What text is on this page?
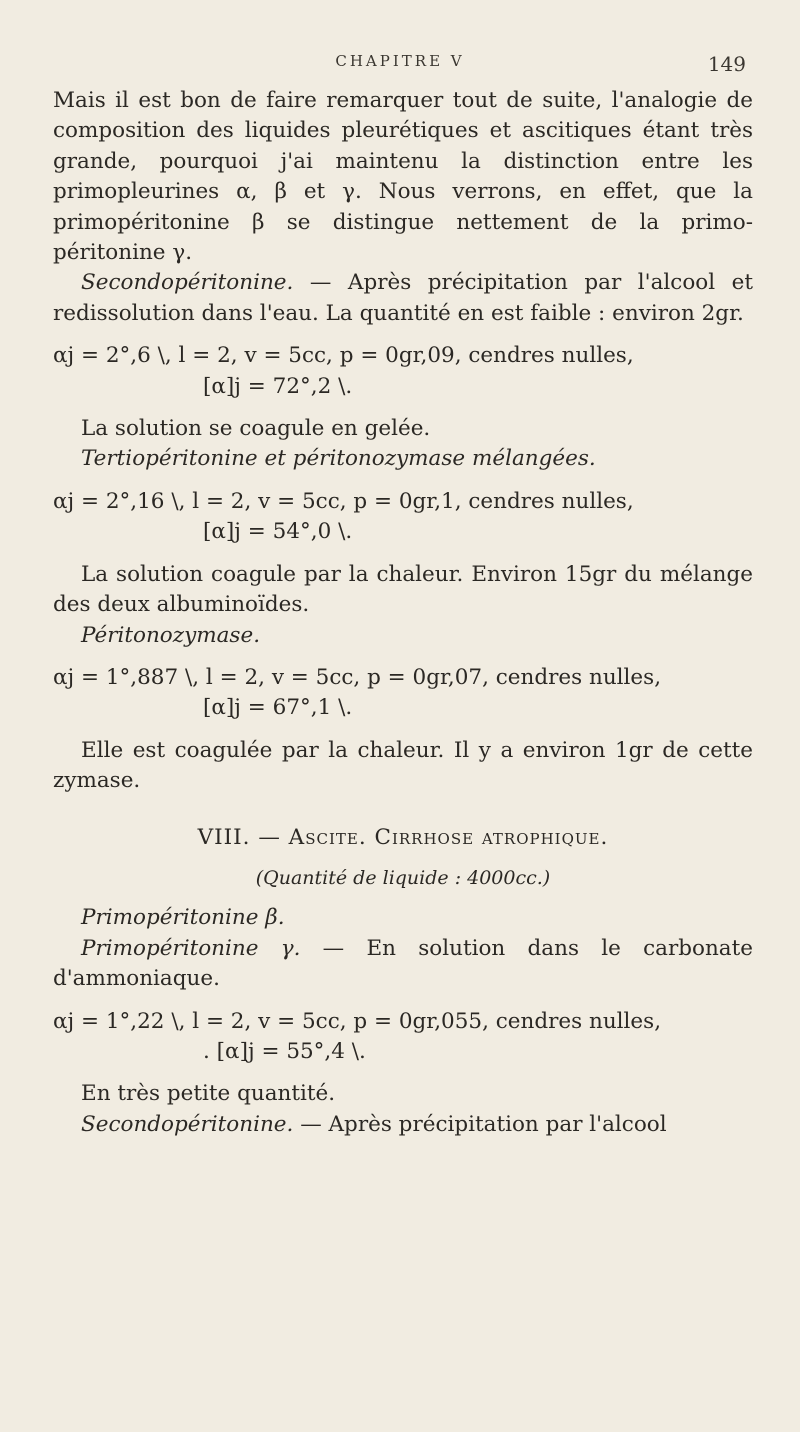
CHAPITRE V	149

Mais il est bon de faire remarquer tout de suite, l'analogie de composition des liquides pleurétiques et ascitiques étant très grande, pourquoi j'ai maintenu la distinction entre les primopleurines α, β et γ. Nous verrons, en effet, que la primopéritonine β se distingue nettement de la primo-péritonine γ.

Secondopéritonine. — Après précipitation par l'alcool et redissolution dans l'eau. La quantité en est faible : environ 2gr.

αj = 2°,6 \, l = 2, v = 5cc, p = 0gr,09, cendres nulles,
[α]j = 72°,2 \.

La solution se coagule en gelée.

Tertiopéritonine et péritonozymase mélangées.

αj = 2°,16 \, l = 2, v = 5cc, p = 0gr,1, cendres nulles,
[α]j = 54°,0 \.

La solution coagule par la chaleur. Environ 15gr du mélange des deux albuminoïdes.

Péritonozymase.

αj = 1°,887 \, l = 2, v = 5cc, p = 0gr,07, cendres nulles,
[α]j = 67°,1 \.

Elle est coagulée par la chaleur. Il y a environ 1gr de cette zymase.

VIII. — Ascite. Cirrhose atrophique.

(Quantité de liquide : 4000cc.)

Primopéritonine β.

Primopéritonine γ. — En solution dans le carbonate d'ammoniaque.

αj = 1°,22 \, l = 2, v = 5cc, p = 0gr,055, cendres nulles,
. [α]j = 55°,4 \.

En très petite quantité.

Secondopéritonine. — Après précipitation par l'alcool
